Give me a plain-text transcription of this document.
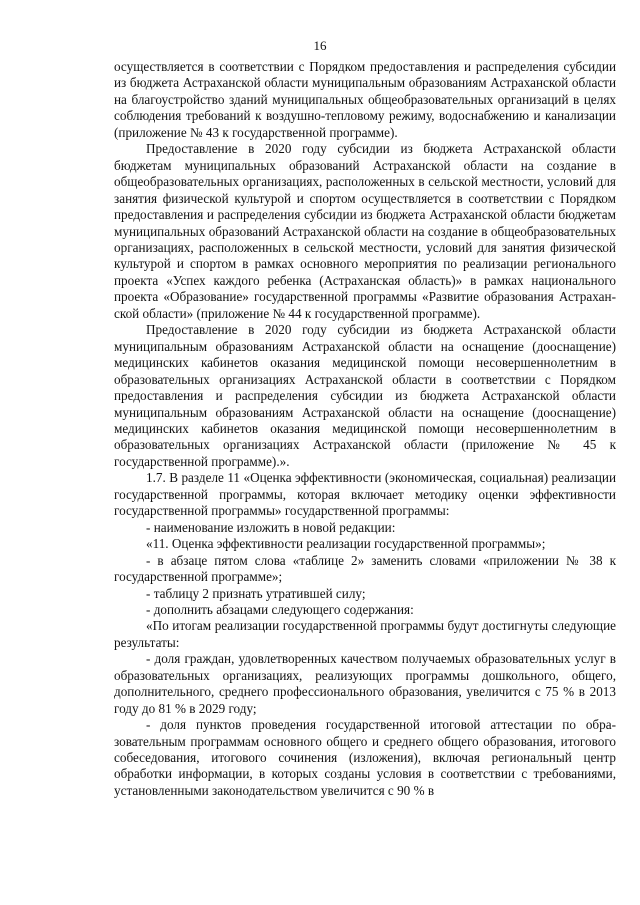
16

осуществляется в соответствии с Порядком предоставления и распределения субсидии из бюджета Астраханской области муниципальным образованиям Астраханской области на благоустройство зданий муниципальных общеобразовательных организаций в целях соблюдения требований к воздушно-тепловому режиму, водоснабжению и канализации (приложение № 43 к государственной программе).

Предоставление в 2020 году субсидии из бюджета Астраханской области бюджетам муниципальных образований Астраханской области на создание в общеобразовательных организациях, расположенных в сельской местности, условий для занятия физической культурой и спортом осуществляется в соответствии с Порядком предоставления и распределения субсидии из бюджета Астраханской области бюджетам муниципальных образований Астраханской области на создание в общеобразовательных организациях, расположенных в сельской местности, условий для занятия физической культурой и спортом в рамках основного мероприятия по реализации регионального проекта «Успех каждого ребенка (Астраханская область)» в рамках национального проекта «Образование» государственной программы «Развитие образования Астраханской области» (приложение № 44 к государственной программе).

Предоставление в 2020 году субсидии из бюджета Астраханской области муниципальным образованиям Астраханской области на оснащение (дооснащение) медицинских кабинетов оказания медицинской помощи несовершеннолетним в образовательных организациях Астраханской области в соответствии с Порядком предоставления и распределения субсидии из бюджета Астраханской области муниципальным образованиям Астраханской области на оснащение (дооснащение) медицинских кабинетов оказания медицинской помощи несовершеннолетним в образовательных организациях Астраханской области (приложение № 45 к государственной программе).».

1.7. В разделе 11 «Оценка эффективности (экономическая, социальная) реализации государственной программы, которая включает методику оценки эффективности государственной программы» государственной программы:

- наименование изложить в новой редакции:

«11. Оценка эффективности реализации государственной программы»;

- в абзаце пятом слова «таблице 2» заменить словами «приложении № 38 к государственной программе»;

- таблицу 2 признать утратившей силу;

- дополнить абзацами следующего содержания:

«По итогам реализации государственной программы будут достигнуты следующие результаты:

- доля граждан, удовлетворенных качеством получаемых образовательных услуг в образовательных организациях, реализующих программы дошкольного, общего, дополнительного, среднего профессионального образования, увеличится с 75 % в 2013 году до 81 % в 2029 году;

- доля пунктов проведения государственной итоговой аттестации по образовательным программам основного общего и среднего общего образования, итогового собеседования, итогового сочинения (изложения), включая региональный центр обработки информации, в которых созданы условия в соответствии с требованиями, установленными законодательством увеличится с 90 % в
